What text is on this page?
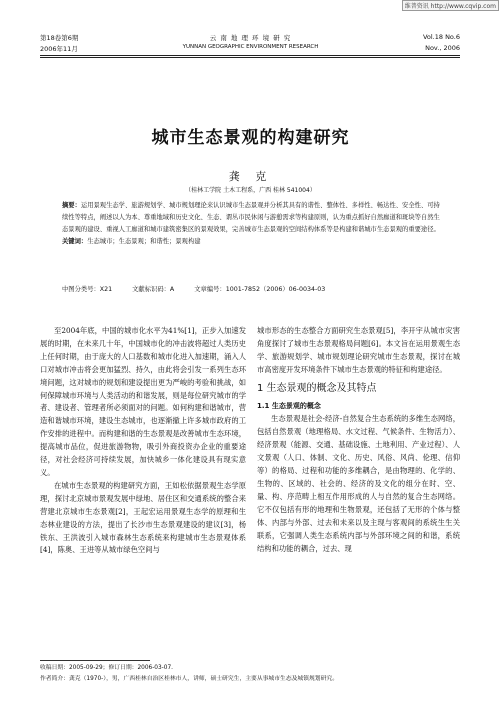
维普资讯 http://www.cqvip.com
第18卷第6期
2006年11月
云 南 地 理 环 境 研 究
YUNNAN GEOGRAPHIC ENVIRONMENT RESEARCH
Vol.18 No.6
Nov., 2006
城市生态景观的构建研究
龚 克
（桂林工学院 土木工程系，广西 桂林 541004）
摘要：运用景观生态学、旅游规划学、城市规划理论来认识城市生态景观并分析其具有的谐性、整体性、多样性、畅达性、安全性、可持续性等特点，阐述以人为本、尊重地域和历史文化、生态、谓丛市民休闲与游憩需求等构建原则，认为重点抓好自然廊道和斑块等自然生态景观的建设、重视人工廊道和城市建筑密集区的景观效果，完善城市生态景观的空间结构体系等是构建和谐城市生态景观的重要途径。
关键词：生态城市；生态景观；和谐性；景观构建
中图分类号：X21	文献标识码：A	文章编号：1001-7852（2006）06-0034-03

至2004年底，中国的城市化水平为41%[1]，正步入加速发展的时期，在未来几十年，中国城市化的冲击波将超过人类历史上任何时期，由于庞大的人口基数和城市化进入加速期，涌入人口对城市冲击将会更加猛烈、持久，由此将会引发一系列生态环境问题，这对城市的规划和建设提出更为严峻的考验和挑战，如何保障城市环境与人类活动的和谐发展，则是每位研究城市的学者、建设者、管理者所必须面对的问题。如何构建和谐城市，营造和谐城市环境，建设生态城市，也逐渐撤上许多城市政府的工作安排的进程中。而构建和谐的生态景观是改善城市生态环境，提高城市品位，促进旅游物物，吸引外商投资办企业的重要途径，对社会经济可持续发展，加快城乡一体化建设具有现实意义。

在城市生态景观的构建研究方面，王如松依据景观生态学原理，探讨北京城市景观发展中绿地、居住区和交通系统的整合来营建北京城市生态景观[2]，王起宏运用景观生态学的原理和生态林业建设的方法，提出了长沙市生态景观建设的建议[3]，杨铁东、王洪波引入城市森林生态系统来构建城市生态景观体系[4]，陈奥、王进等从城市绿色空间与

城市形态的生态整合方面研究生态景观[5]，李开宇从城市灾害角度探讨了城市生态景观格局问题[6]。本文旨在运用景观生态学、旅游规划学、城市规划理论研究城市生态景观，探讨在城市高密度开发环境条件下城市生态景观的特征和构建途径。

1 生态景观的概念及其特点
1.1 生态景观的概念

生态景观是社会-经济-自然复合生态系统的多维生态网络，包括自然景观（地理格局、水文过程、气候条件、生物活力）、经济景观（能源、交通、基础设施、土地利用、产业过程）、人文景观（人口、体制、文化、历史、风俗、风尚、伦理、信仰等）的格局、过程和功能的多维耦合，是由物理的、化学的、生物的、区域的、社会的、经济的及文化的组分在时、空、量、构、序范畴上相互作用形成的人与自然的复合生态网络。它不仅包括有形的地理和生物景观，还包括了无形的个体与整体、内部与外部、过去和未来以及主现与客观间的系统生生关联系，它强调人类生态系统内部与外部环境之间的和谐，系统结构和功能的耦合，过去、现

收稿日期：2005-09-29；修订日期：2006-03-07.
作者简介：龚克（1970-），男，广西桂林自治区桂林市人，讲师，硕士研究生，主要从事城市生态及城镇规划研究。
